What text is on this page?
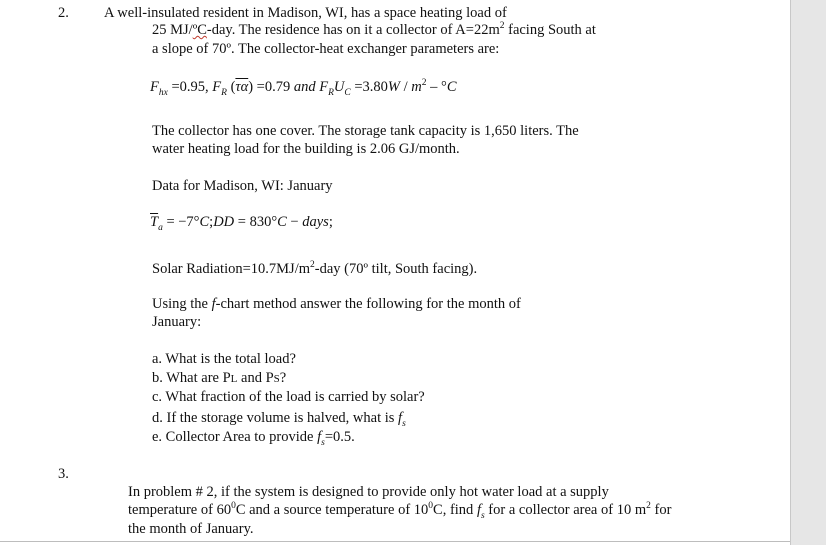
2. A well-insulated resident in Madison, WI, has a space heating load of
25 MJ/ºC-day. The residence has on it a collector of $A=22m^2$ facing South at
a slope of 70º. The collector-heat exchanger parameters are:
$F_{hx} =0.95$, $F_R$ $(\overline{\tau\alpha}) =0.79$ and $F_RU_C =3.80W / m^2 - ^\circ C$
The collector has one cover. The storage tank capacity is 1,650 liters. The
water heating load for the building is 2.06 GJ/month.
Data for Madison, WI: January
$\overline{T}_a$ = −7°C;DD = 830°C − days;
Solar $Radiation=10.7MJ/m^2$-day (70º tilt, South facing).
Using the f-chart method answer the following for the month of
January:
a. What is the total load?
b. What are PL and PS?
c. What fraction of the load is carried by solar?
d. If the storage volume is halved, what is $f_s$
e. Collector Area to provide $f_s=0.5$.
3.
In problem # 2, if the system is designed to provide only hot water load at a supply
temperature of $60^0C$ and a source temperature of $10^0C$, find $f_s$ for a collector area of 10 $m^2$ for
the month of January.
